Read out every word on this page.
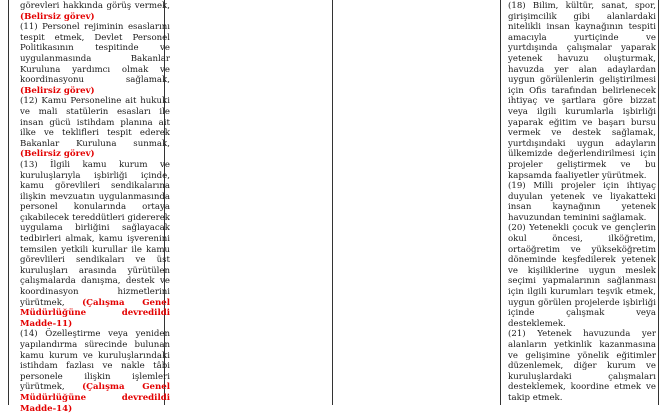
görevleri hakkında görüş vermek, (Belirsiz görev)

(11) Personel rejiminin esaslarını tespit etmek, Devlet Personel Politikasının tespitinde ve uygulanmasında Bakanlar Kuruluna yardımcı olmak ve koordinasyonu sağlamak, (Belirsiz görev)

(12) Kamu Personeline ait hukuki ve mali statülerin esasları ile insan gücü istihdam planına ait ilke ve teklifleri tespit ederek Bakanlar Kuruluna sunmak, (Belirsiz görev)

(13) İlgili kamu kurum ve kuruluşlarıyla işbirliği içinde, kamu görevlileri sendikalarına ilişkin mevzuatın uygulanmasında personel konularında ortaya çıkabilecek tereddütleri gidererek uygulama birliğini sağlayacak tedbirleri almak, kamu işverenini temsilen yetkili kurullar ile kamu görevlileri sendikaları ve üst kuruluşları arasında yürütülen çalışmalarda danışma, destek ve koordinasyon hizmetlerini yürütmek, (Çalışma Genel Müdürlüğüne devredildi Madde-11)

(14) Özelleştirme veya yeniden yapılandırma sürecinde bulunan kamu kurum ve kuruluşlarındaki istihdam fazlası ve nakle tâbi personele ilişkin işlemleri yürütmek, (Çalışma Genel Müdürlüğüne devredildi Madde-14)

(18) Bilim, kültür, sanat, spor, girişimcilik gibi alanlardaki nitelikli insan kaynağının tespiti amacıyla yurtiçinde ve yurtdışında çalışmalar yaparak yetenek havuzu oluşturmak, havuzda yer alan adaylardan uygun görülenlerin geliştirilmesi için Ofis tarafından belirlenecek ihtiyaç ve şartlara göre bizzat veya ilgili kurumlarla işbirliği yaparak eğitim ve başarı bursu vermek ve destek sağlamak, yurtdışındaki uygun adayların ülkemizde değerlendirilmesi için projeler geliştirmek ve bu kapsamda faaliyetler yürütmek.

(19) Milli projeler için ihtiyaç duyulan yetenek ve liyakatteki insan kaynağının yetenek havuzundan teminini sağlamak.

(20) Yetenekli çocuk ve gençlerin okul öncesi, ilköğretim, ortaöğretim ve yükseköğretim döneminde keşfedilerek yetenek ve kişiliklerine uygun meslek seçimi yapmalarının sağlanması için ilgili kurumları teşvik etmek, uygun görülen projelerde işbirliği içinde çalışmak veya desteklemek.

(21) Yetenek havuzunda yer alanların yetkinlik kazanmasına ve gelişimine yönelik eğitimler düzenlemek, diğer kurum ve kuruluşlardaki çalışmaları desteklemek, koordine etmek ve takip etmek.
